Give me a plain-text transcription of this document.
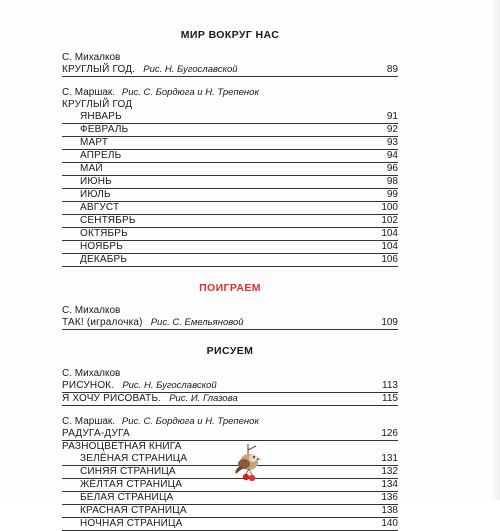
МИР ВОКРУГ НАС
С. Михалков
КРУГЛЫЙ ГОД. Рис. Н. Бугославской	89
С. Маршак. Рис. С. Бордюга и Н. Трепенок
КРУГЛЫЙ ГОД
ЯНВАРЬ	91
ФЕВРАЛЬ	92
МАРТ	93
АПРЕЛЬ	94
МАЙ	96
ИЮНЬ	98
ИЮЛЬ	99
АВГУСТ	100
СЕНТЯБРЬ	102
ОКТЯБРЬ	104
НОЯБРЬ	104
ДЕКАБРЬ	106
ПОИГРАЕМ
С. Михалков
ТАК! (игралочка) Рис. С. Емельяновой	109
РИСУЕМ
С. Михалков
РИСУНОК. Рис. Н. Бугославской	113
Я ХОЧУ РИСОВАТЬ. Рис. И. Глазова	115
С. Маршак. Рис. С. Бордюга и Н. Трепенок
РАДУГА-ДУГА	126
РАЗНОЦВЕТНАЯ КНИГА
ЗЕЛЁНАЯ СТРАНИЦА	131
СИНЯЯ СТРАНИЦА	132
ЖЁЛТАЯ СТРАНИЦА	134
БЕЛАЯ СТРАНИЦА	136
КРАСНАЯ СТРАНИЦА	138
НОЧНАЯ СТРАНИЦА	140
